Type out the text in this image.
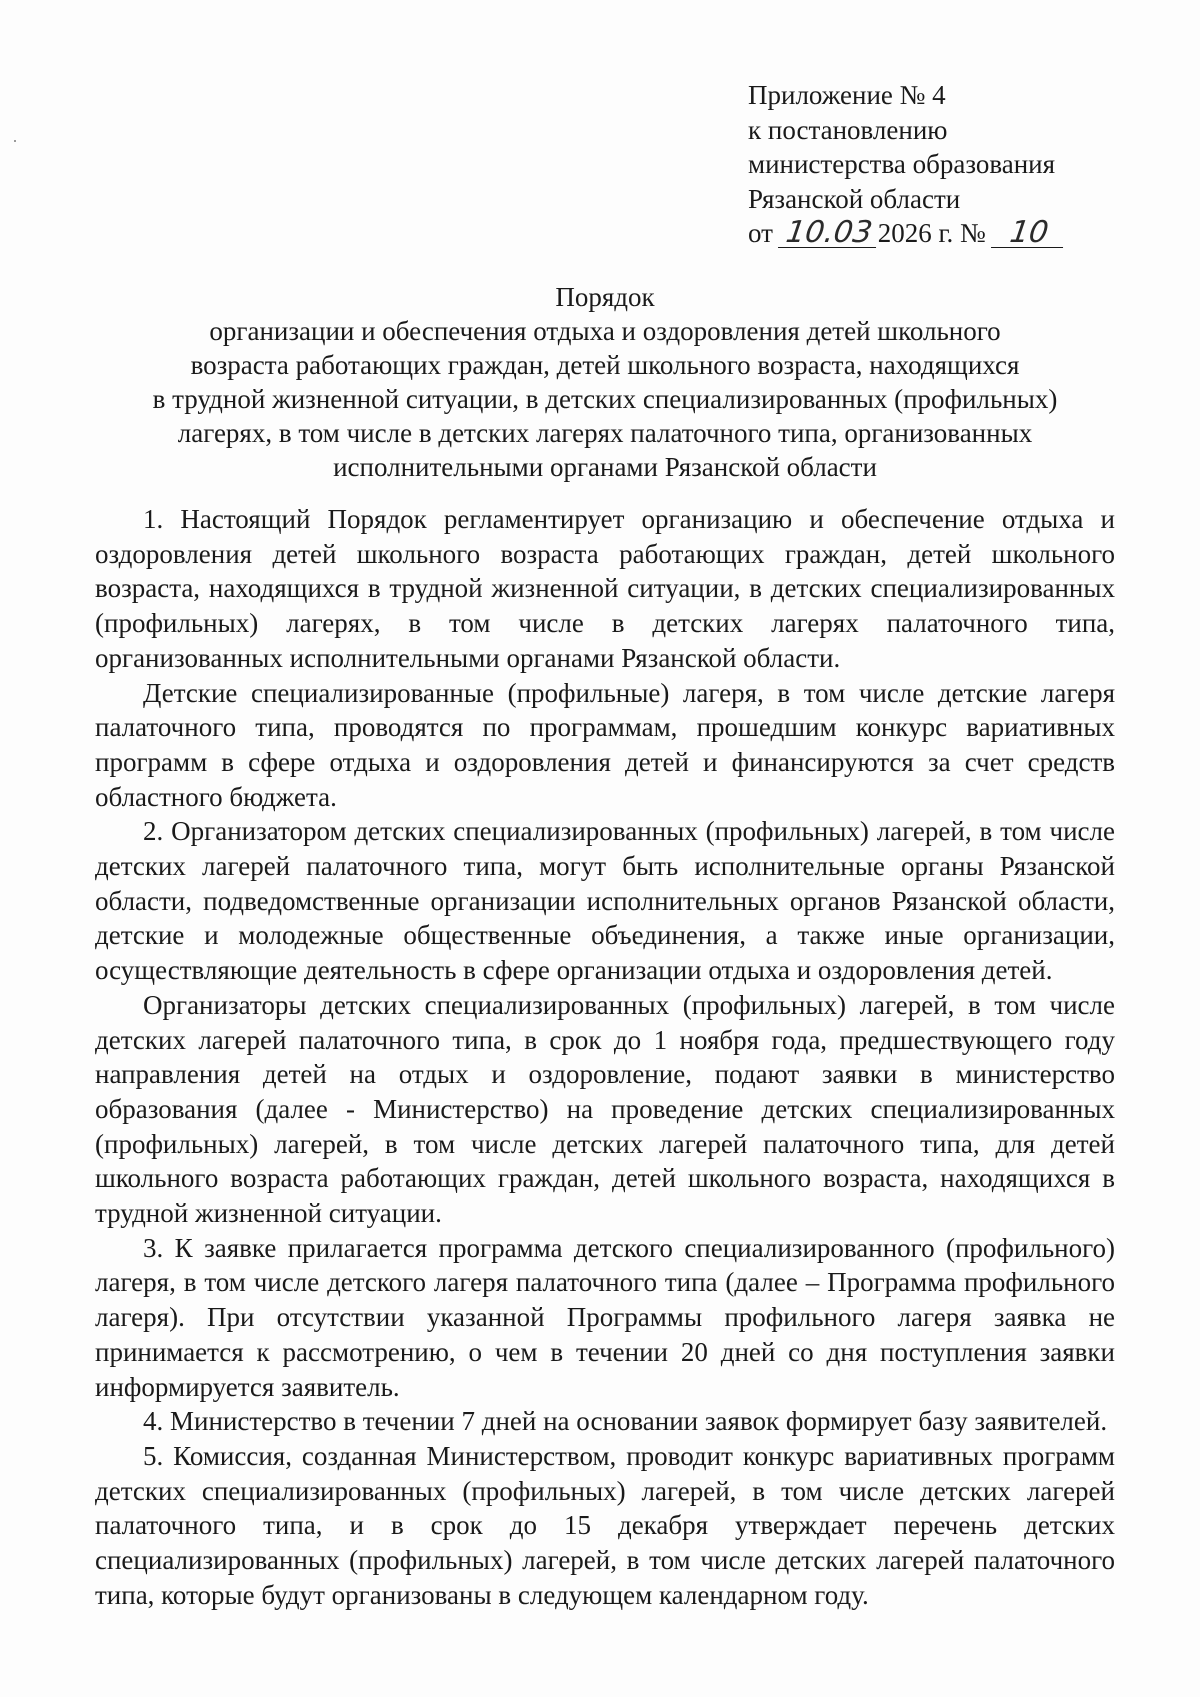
Приложение № 4
к постановлению
министерства образования
Рязанской области
от 10.03 2026 г. № 10
Порядок
организации и обеспечения отдыха и оздоровления детей школьного
возраста работающих граждан, детей школьного возраста, находящихся
в трудной жизненной ситуации, в детских специализированных (профильных)
лагерях, в том числе в детских лагерях палаточного типа, организованных
исполнительными органами Рязанской области

1. Настоящий Порядок регламентирует организацию и обеспечение отдыха и оздоровления детей школьного возраста работающих граждан, детей школьного возраста, находящихся в трудной жизненной ситуации, в детских специализированных (профильных) лагерях, в том числе в детских лагерях палаточного типа, организованных исполнительными органами Рязанской области.

Детские специализированные (профильные) лагеря, в том числе детские лагеря палаточного типа, проводятся по программам, прошедшим конкурс вариативных программ в сфере отдыха и оздоровления детей и финансируются за счет средств областного бюджета.

2. Организатором детских специализированных (профильных) лагерей, в том числе детских лагерей палаточного типа, могут быть исполнительные органы Рязанской области, подведомственные организации исполнительных органов Рязанской области, детские и молодежные общественные объединения, а также иные организации, осуществляющие деятельность в сфере организации отдыха и оздоровления детей.

Организаторы детских специализированных (профильных) лагерей, в том числе детских лагерей палаточного типа, в срок до 1 ноября года, предшествующего году направления детей на отдых и оздоровление, подают заявки в министерство образования (далее - Министерство) на проведение детских специализированных (профильных) лагерей, в том числе детских лагерей палаточного типа, для детей школьного возраста работающих граждан, детей школьного возраста, находящихся в трудной жизненной ситуации.

3. К заявке прилагается программа детского специализированного (профильного) лагеря, в том числе детского лагеря палаточного типа (далее – Программа профильного лагеря). При отсутствии указанной Программы профильного лагеря заявка не принимается к рассмотрению, о чем в течении 20 дней со дня поступления заявки информируется заявитель.

4. Министерство в течении 7 дней на основании заявок формирует базу заявителей.

5. Комиссия, созданная Министерством, проводит конкурс вариативных программ детских специализированных (профильных) лагерей, в том числе детских лагерей палаточного типа, и в срок до 15 декабря утверждает перечень детских специализированных (профильных) лагерей, в том числе детских лагерей палаточного типа, которые будут организованы в следующем календарном году.
